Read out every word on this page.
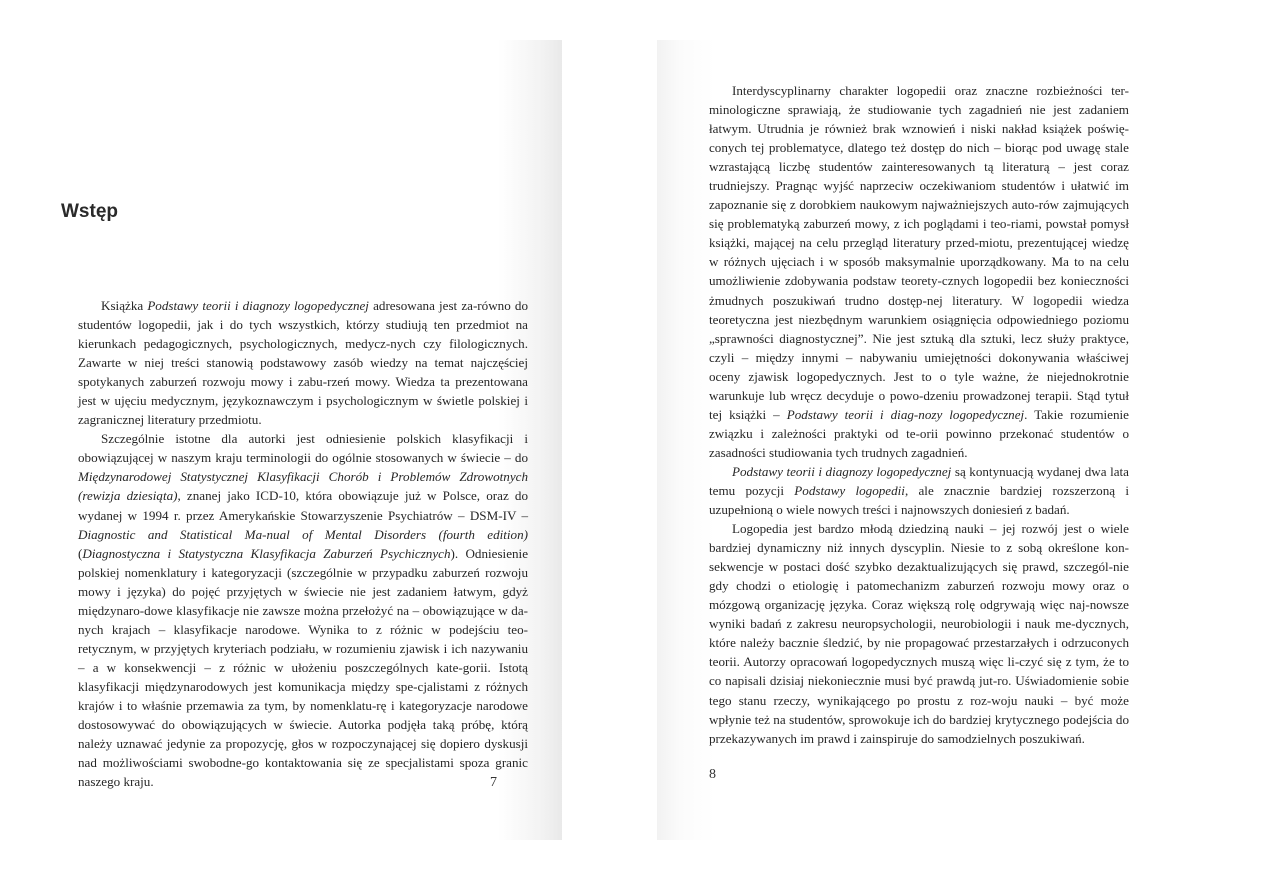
Wstęp

Książka Podstawy teorii i diagnozy logopedycznej adresowana jest za-równo do studentów logopedii, jak i do tych wszystkich, którzy studiują ten przedmiot na kierunkach pedagogicznych, psychologicznych, medycz-nych czy filologicznych. Zawarte w niej treści stanowią podstawowy zasób wiedzy na temat najczęściej spotykanych zaburzeń rozwoju mowy i zabu-rzeń mowy. Wiedza ta prezentowana jest w ujęciu medycznym, językoznawczym i psychologicznym w świetle polskiej i zagranicznej literatury przedmiotu.

Szczególnie istotne dla autorki jest odniesienie polskich klasyfikacji i obowiązującej w naszym kraju terminologii do ogólnie stosowanych w świecie – do Międzynarodowej Statystycznej Klasyfikacji Chorób i Problemów Zdrowotnych (rewizja dziesiąta), znanej jako ICD-10, która obowiązuje już w Polsce, oraz do wydanej w 1994 r. przez Amerykańskie Stowarzyszenie Psychiatrów – DSM-IV – Diagnostic and Statistical Ma-nual of Mental Disorders (fourth edition) (Diagnostyczna i Statystyczna Klasyfikacja Zaburzeń Psychicznych). Odniesienie polskiej nomenklatury i kategoryzacji (szczególnie w przypadku zaburzeń rozwoju mowy i języka) do pojęć przyjętych w świecie nie jest zadaniem łatwym, gdyż międzynaro-dowe klasyfikacje nie zawsze można przełożyć na – obowiązujące w da-nych krajach – klasyfikacje narodowe. Wynika to z różnic w podejściu teo-retycznym, w przyjętych kryteriach podziału, w rozumieniu zjawisk i ich nazywaniu – a w konsekwencji – z różnic w ułożeniu poszczególnych kate-gorii. Istotą klasyfikacji międzynarodowych jest komunikacja między spe-cjalistami z różnych krajów i to właśnie przemawia za tym, by nomenklatu-rę i kategoryzacje narodowe dostosowywać do obowiązujących w świecie. Autorka podjęła taką próbę, którą należy uznawać jedynie za propozycję, głos w rozpoczynającej się dopiero dyskusji nad możliwościami swobodne-go kontaktowania się ze specjalistami spoza granic naszego kraju.	7

Interdyscyplinarny charakter logopedii oraz znaczne rozbieżności ter-minologiczne sprawiają, że studiowanie tych zagadnień nie jest zadaniem łatwym. Utrudnia je również brak wznowień i niski nakład książek poświę-conych tej problematyce, dlatego też dostęp do nich – biorąc pod uwagę stale wzrastającą liczbę studentów zainteresowanych tą literaturą – jest coraz trudniejszy. Pragnąc wyjść naprzeciw oczekiwaniom studentów i ułatwić im zapoznanie się z dorobkiem naukowym najważniejszych auto-rów zajmujących się problematyką zaburzeń mowy, z ich poglądami i teo-riami, powstał pomysł książki, mającej na celu przegląd literatury przed-miotu, prezentującej wiedzę w różnych ujęciach i w sposób maksymalnie uporządkowany. Ma to na celu umożliwienie zdobywania podstaw teorety-cznych logopedii bez konieczności żmudnych poszukiwań trudno dostęp-nej literatury. W logopedii wiedza teoretyczna jest niezbędnym warunkiem osiągnięcia odpowiedniego poziomu „sprawności diagnostycznej”. Nie jest sztuką dla sztuki, lecz służy praktyce, czyli – między innymi – nabywaniu umiejętności dokonywania właściwej oceny zjawisk logopedycznych. Jest to o tyle ważne, że niejednokrotnie warunkuje lub wręcz decyduje o powo-dzeniu prowadzonej terapii. Stąd tytuł tej książki – Podstawy teorii i diag-nozy logopedycznej. Takie rozumienie związku i zależności praktyki od te-orii powinno przekonać studentów o zasadności studiowania tych trudnych zagadnień.

Podstawy teorii i diagnozy logopedycznej są kontynuacją wydanej dwa lata temu pozycji Podstawy logopedii, ale znacznie bardziej rozszerzoną i uzupełnioną o wiele nowych treści i najnowszych doniesień z badań.

Logopedia jest bardzo młodą dziedziną nauki – jej rozwój jest o wiele bardziej dynamiczny niż innych dyscyplin. Niesie to z sobą określone kon-sekwencje w postaci dość szybko dezaktualizujących się prawd, szczegól-nie gdy chodzi o etiologię i patomechanizm zaburzeń rozwoju mowy oraz o mózgową organizację języka. Coraz większą rolę odgrywają więc naj-nowsze wyniki badań z zakresu neuropsychologii, neurobiologii i nauk me-dycznych, które należy bacznie śledzić, by nie propagować przestarzałych i odrzuconych teorii. Autorzy opracowań logopedycznych muszą więc li-czyć się z tym, że to co napisali dzisiaj niekoniecznie musi być prawdą jut-ro. Uświadomienie sobie tego stanu rzeczy, wynikającego po prostu z roz-woju nauki – być może wpłynie też na studentów, sprowokuje ich do bardziej krytycznego podejścia do przekazywanych im prawd i zainspiruje do samodzielnych poszukiwań.

8
